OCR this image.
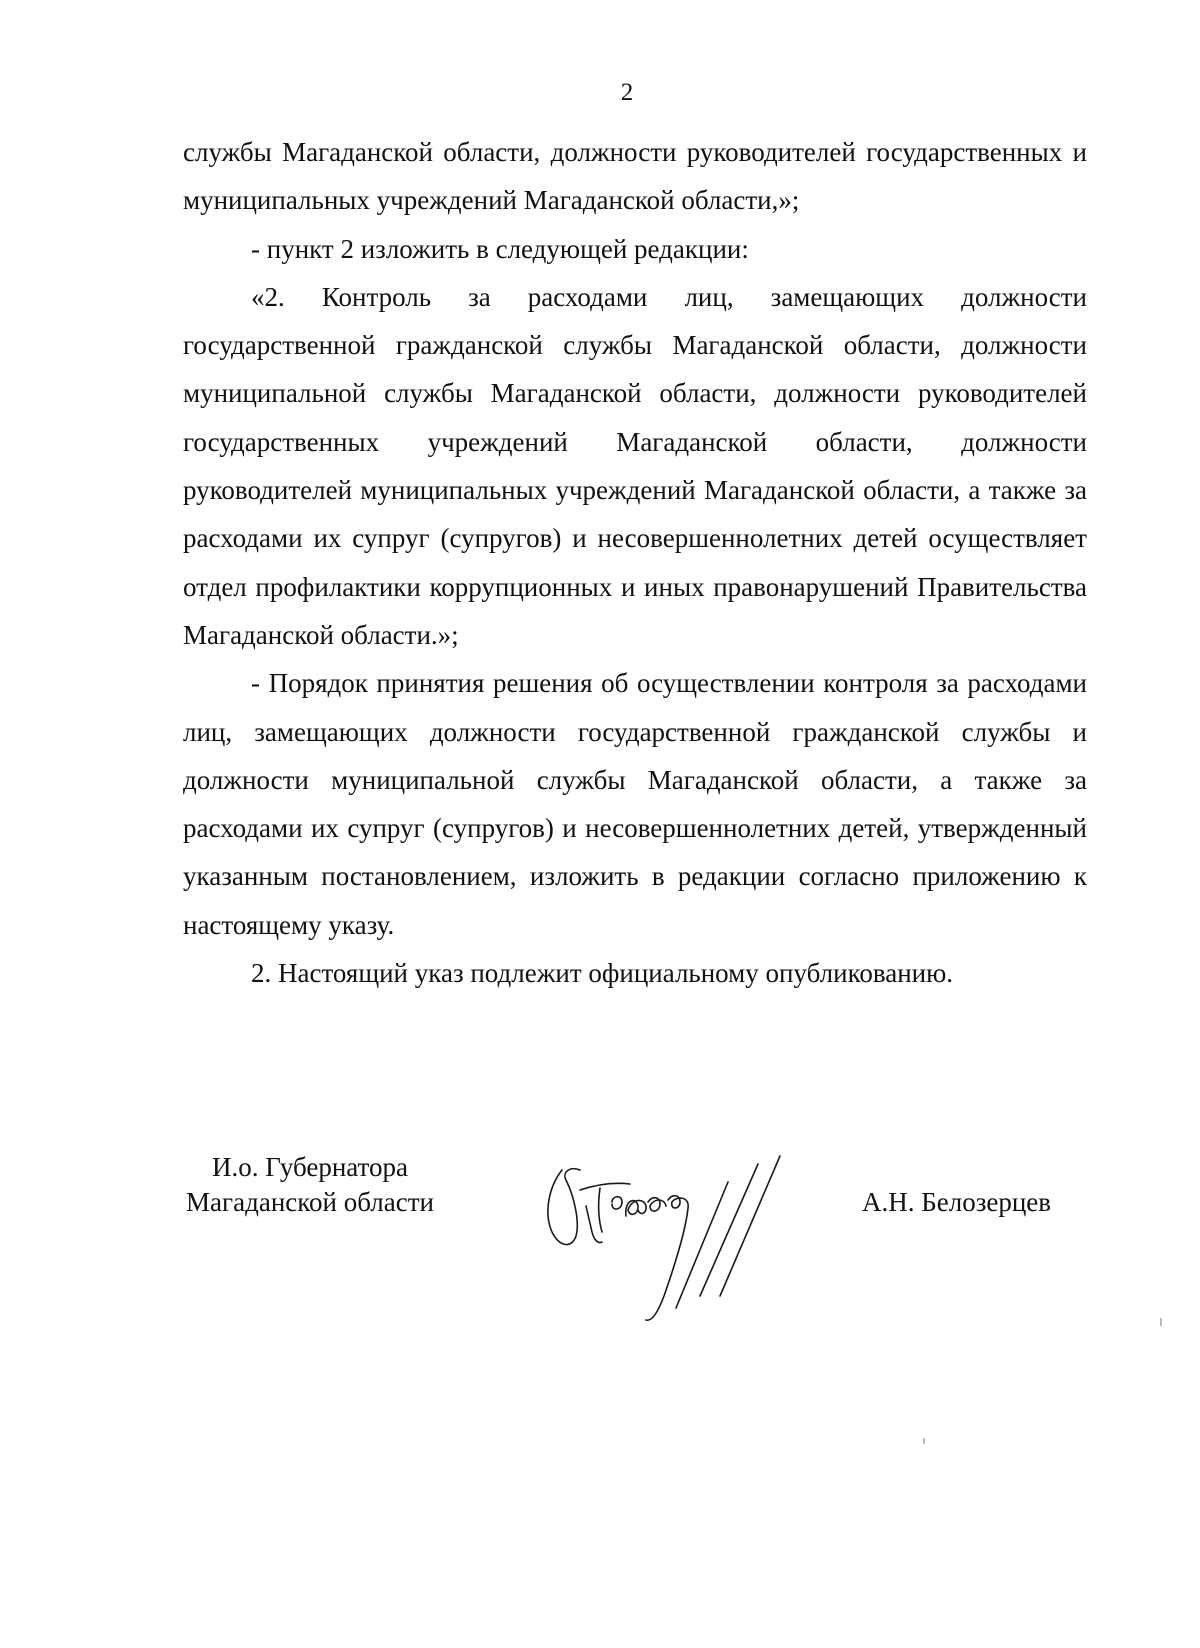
2

службы Магаданской области, должности руководителей государственных и муниципальных учреждений Магаданской области,»;

- пункт 2 изложить в следующей редакции:

«2. Контроль за расходами лиц, замещающих должности государственной гражданской службы Магаданской области, должности муниципальной службы Магаданской области, должности руководителей государственных учреждений Магаданской области, должности руководителей муниципальных учреждений Магаданской области, а также за расходами их супруг (супругов) и несовершеннолетних детей осуществляет отдел профилактики коррупционных и иных правонарушений Правительства Магаданской области.»;

- Порядок принятия решения об осуществлении контроля за расходами лиц, замещающих должности государственной гражданской службы и должности муниципальной службы Магаданской области, а также за расходами их супруг (супругов) и несовершеннолетних детей, утвержденный указанным постановлением, изложить в редакции согласно приложению к настоящему указу.

2. Настоящий указ подлежит официальному опубликованию.

И.о. Губернатора
Магаданской области	А.Н. Белозерцев
